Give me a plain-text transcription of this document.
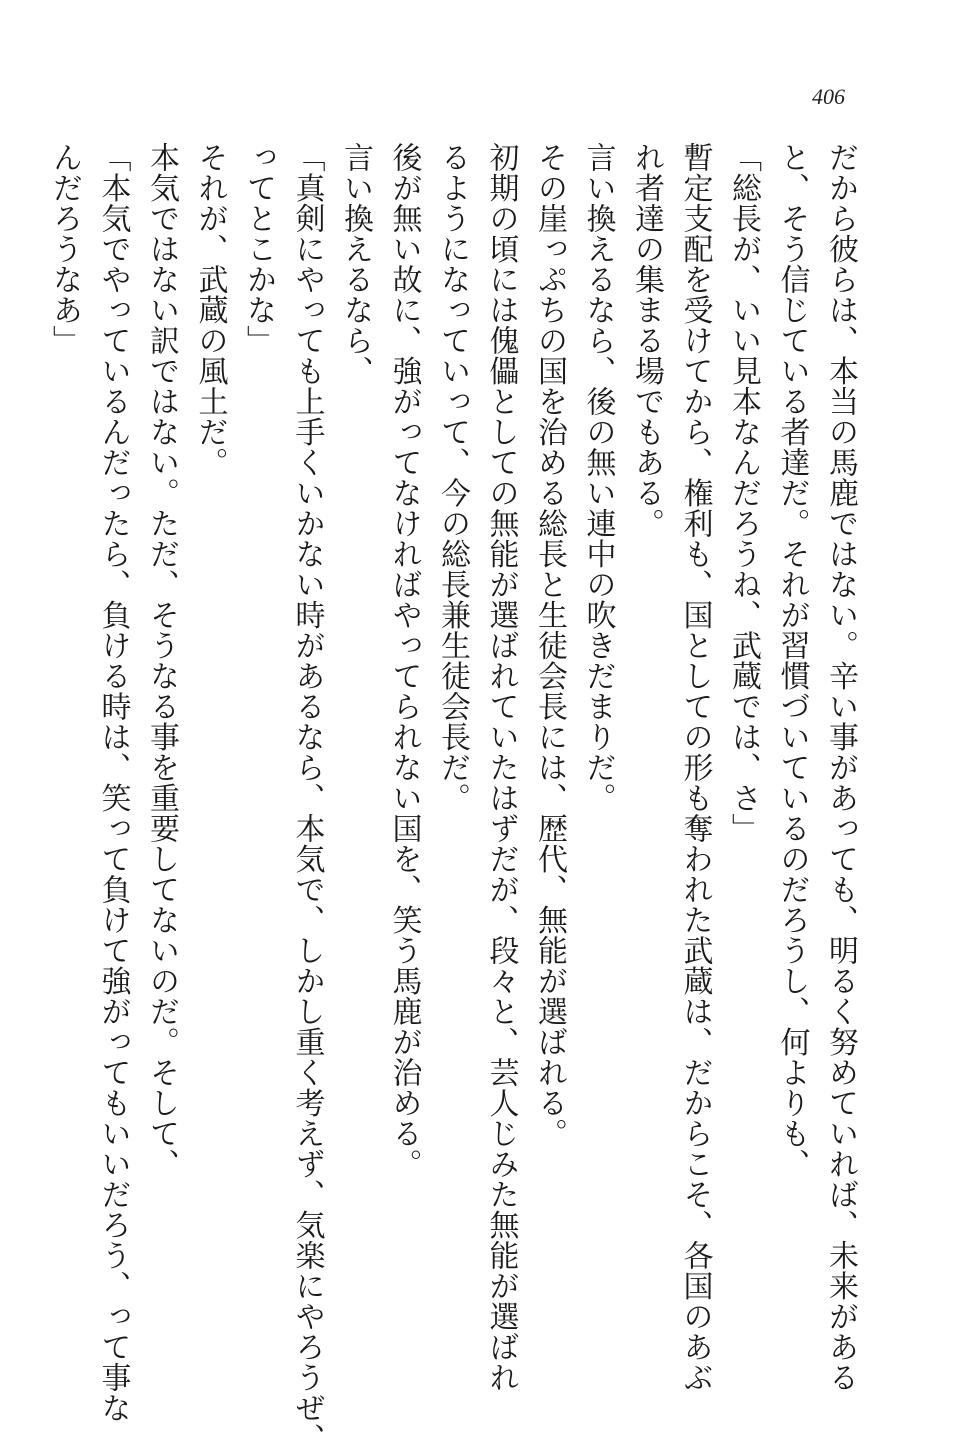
406
だから彼らは、本当の馬鹿ではない。辛い事があっても、明るく努めていれば、未来がある
と、そう信じている者達だ。それが習慣づいているのだろうし、何よりも、
「総長が、いい見本なんだろうね、武蔵では、さ」
暫定支配を受けてから、権利も、国としての形も奪われた武蔵は、だからこそ、各国のあぶ
れ者達の集まる場でもある。
言い換えるなら、後の無い連中の吹きだまりだ。
その崖っぷちの国を治める総長と生徒会長には、歴代、無能が選ばれる。
初期の頃には傀儡としての無能が選ばれていたはずだが、段々と、芸人じみた無能が選ばれ
るようになっていって、今の総長兼生徒会長だ。
後が無い故に、強がってなければやってられない国を、笑う馬鹿が治める。
言い換えるなら、
「真剣にやっても上手くいかない時があるなら、本気で、しかし重く考えず、気楽にやろうぜ、
ってとこかな」
それが、武蔵の風土だ。
本気ではない訳ではない。ただ、そうなる事を重要してないのだ。そして、
「本気でやっているんだったら、負ける時は、笑って負けて強がってもいいだろう、って事な
んだろうなあ」
